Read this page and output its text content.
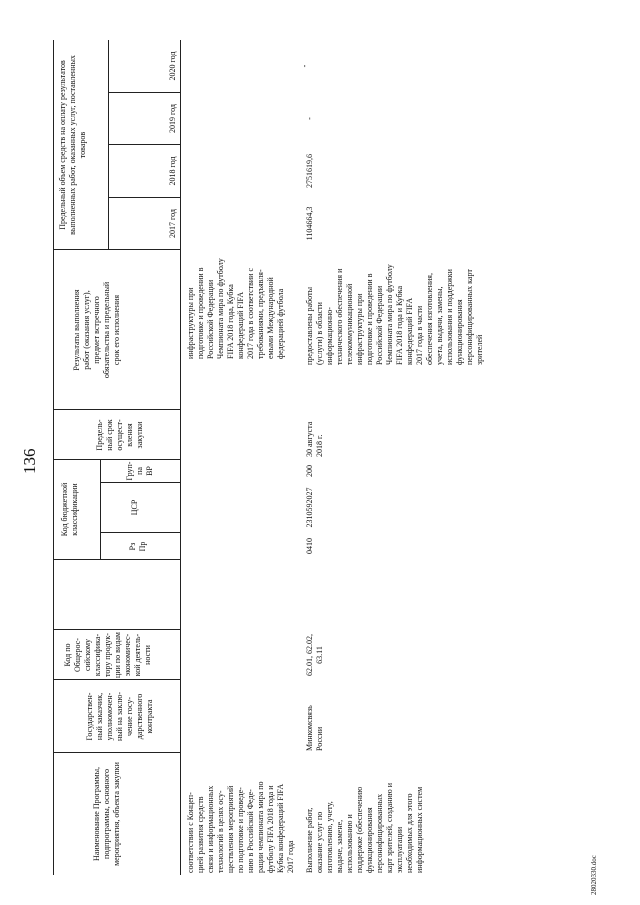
28020330.doc
136
Наименование Программы, подпрограммы, основного мероприятия, объекта закупки
Государствен-
ный заказчик, уполномочен-
ный на заклю-
чение госу-
дарственного
контракта
Код по
Общерос-
сийскому
классифика-
тору продук-
ции по видам
экономичес-
кой деятель-
ности
Код бюджетной
классификации
Рз
Пр
ЦСР
Груп-
па
ВР
Предель-
ный срок
осущест-
вления
закупки
Результаты выполнения
работ (оказания услуг),
предмет встречного
обязательства и предельный
срок его исполнения
Предельный объем средств на оплату результатов выполненных работ, оказанных услуг, поставленных товаров
2017 год
2018 год
2019 год
2020 год
соответствии с Концеп-
цией развития средств
связи и информационных
технологий в целях осу-
ществления мероприятий
по подготовке и проведе-
нию в Российской Феде-
рации чемпионата мира по
футболу FIFA 2018 года и
Кубка конфедераций FIFA
2017 года
инфраструктуры при
подготовке и проведении в
Российской Федерации
Чемпионата мира по футболу
FIFA 2018 года, Кубка
конфедераций FIFA
2017 года в соответствии с
требованиями, предъявля-
емыми Международной
федерацией футбола
Выполнение работ,
оказание услуг по
изготовлению, учету,
выдаче, замене,
использованию и
поддержке (обеспечению
функционирования
персонифицированных
карт зрителей, созданию и
эксплуатации
необходимых для этого
информационных систем
Минкомсвязь
России
62.01, 62.02,
63.11
0410
2310592027
200
30 августа
2018 г.
предоставлены работы
(услуги) в области
информационно-
технического обеспечения и
телекоммуникационной
инфраструктуры при
подготовке и проведении в
Российской Федерации
Чемпионата мира по футболу
FIFA 2018 года и Кубка
конфедераций FIFA
2017 года в части
обеспечения изготовления,
учета, выдачи, замены,
использования и поддержки
функционирования
персонифицированных карт
зрителей
1104664,3
2751619,6
-
-
